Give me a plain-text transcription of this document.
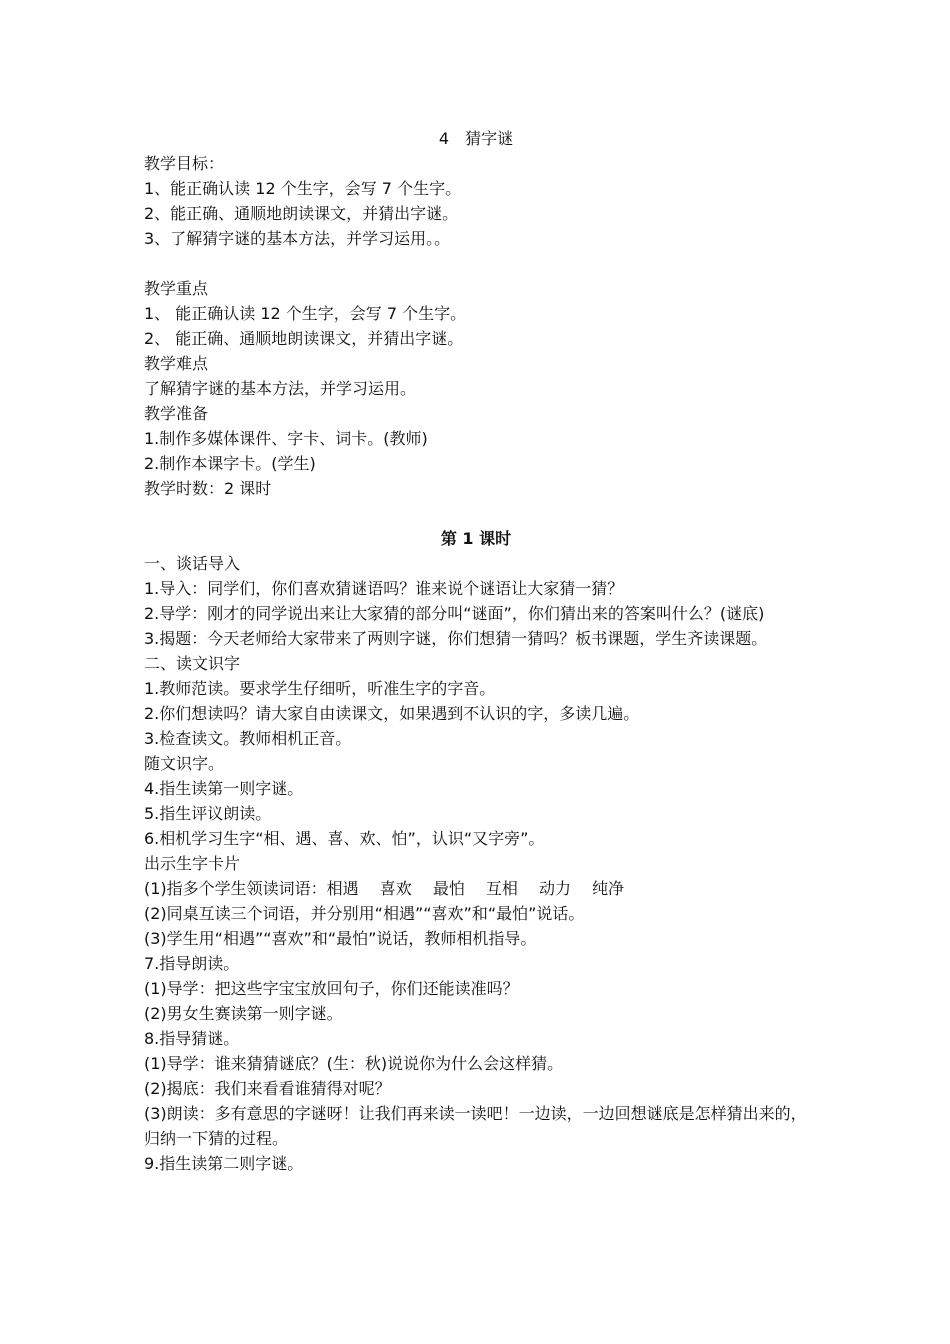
4　猜字谜
教学目标：
1、能正确认读 12 个生字，会写 7 个生字。
2、能正确、通顺地朗读课文，并猜出字谜。
3、了解猜字谜的基本方法，并学习运用。。
教学重点
1、 能正确认读 12 个生字，会写 7 个生字。
2、 能正确、通顺地朗读课文，并猜出字谜。
教学难点
了解猜字谜的基本方法，并学习运用。
教学准备
1.制作多媒体课件、字卡、词卡。(教师)
2.制作本课字卡。(学生)
教学时数：2 课时
第 1 课时
一、谈话导入
1.导入：同学们，你们喜欢猜谜语吗？谁来说个谜语让大家猜一猜？
2.导学：刚才的同学说出来让大家猜的部分叫“谜面”，你们猜出来的答案叫什么？(谜底)
3.揭题：今天老师给大家带来了两则字谜，你们想猜一猜吗？板书课题，学生齐读课题。
二、读文识字
1.教师范读。要求学生仔细听，听准生字的字音。
2.你们想读吗？请大家自由读课文，如果遇到不认识的字，多读几遍。
3.检查读文。教师相机正音。
随文识字。
4.指生读第一则字谜。
5.指生评议朗读。
6.相机学习生字“相、遇、喜、欢、怕”，认识“又字旁”。
出示生字卡片
(1)指多个学生领读词语：相遇　 喜欢　 最怕　 互相　 动力　 纯净
(2)同桌互读三个词语，并分别用“相遇”“喜欢”和“最怕”说话。
(3)学生用“相遇”“喜欢”和“最怕”说话，教师相机指导。
7.指导朗读。
(1)导学：把这些字宝宝放回句子，你们还能读准吗？
(2)男女生赛读第一则字谜。
8.指导猜谜。
(1)导学：谁来猜猜谜底？(生：秋)说说你为什么会这样猜。
(2)揭底：我们来看看谁猜得对呢？
(3)朗读：多有意思的字谜呀！让我们再来读一读吧！一边读，一边回想谜底是怎样猜出来的，归纳一下猜的过程。
9.指生读第二则字谜。
